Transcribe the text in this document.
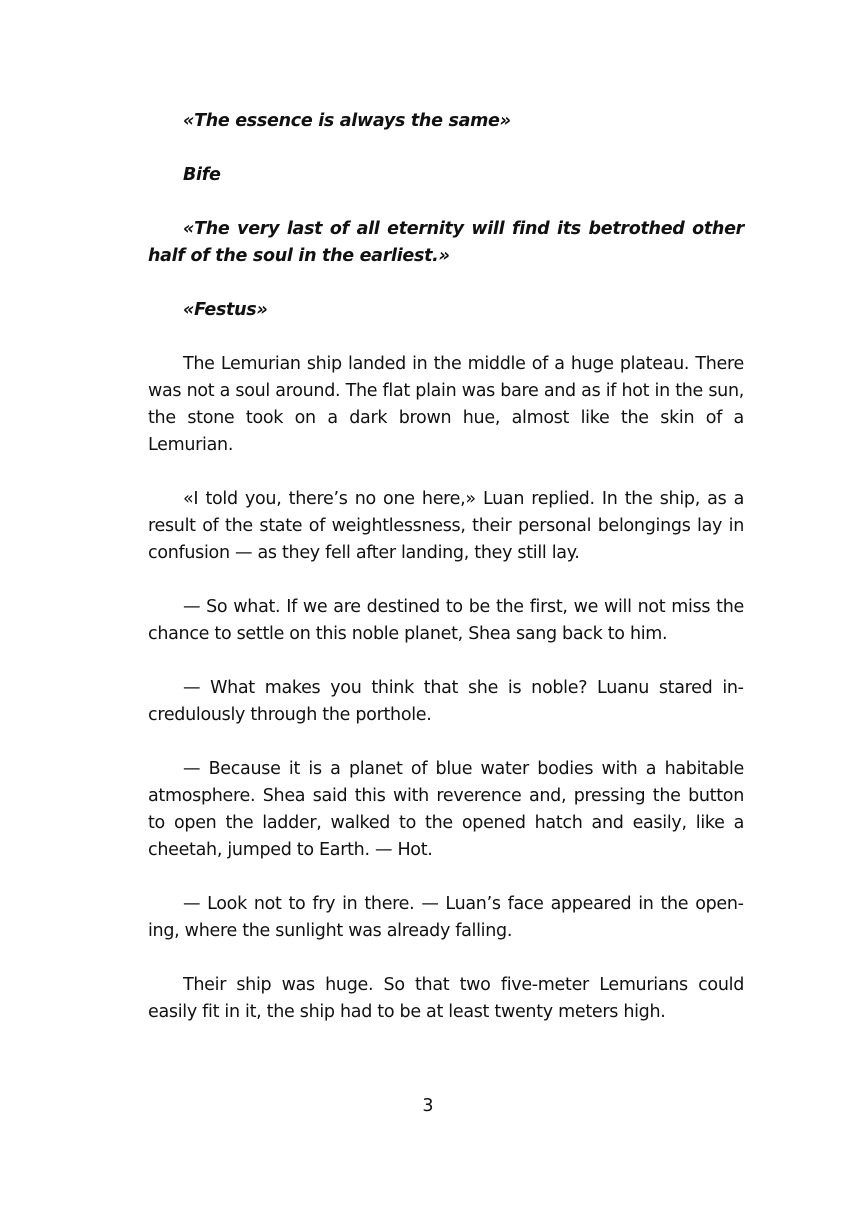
«The essence is always the same»

Bife

«The very last of all eternity will find its betrothed other half of the soul in the earliest.»

«Festus»

The Lemurian ship landed in the middle of a huge plateau. There was not a soul around. The flat plain was bare and as if hot in the sun, the stone took on a dark brown hue, almost like the skin of a Lemurian.

«I told you, there’s no one here,» Luan replied. In the ship, as a result of the state of weightlessness, their personal belongings lay in confusion — as they fell after landing, they still lay.

— So what. If we are destined to be the first, we will not miss the chance to settle on this noble planet, Shea sang back to him.

— What makes you think that she is noble? Luanu stared incredulously through the porthole.

— Because it is a planet of blue water bodies with a habitable atmosphere. Shea said this with reverence and, pressing the button to open the ladder, walked to the opened hatch and easily, like a cheetah, jumped to Earth. — Hot.

— Look not to fry in there. — Luan’s face appeared in the opening, where the sunlight was already falling.

Their ship was huge. So that two five-meter Lemurians could easily fit in it, the ship had to be at least twenty meters high.

3
